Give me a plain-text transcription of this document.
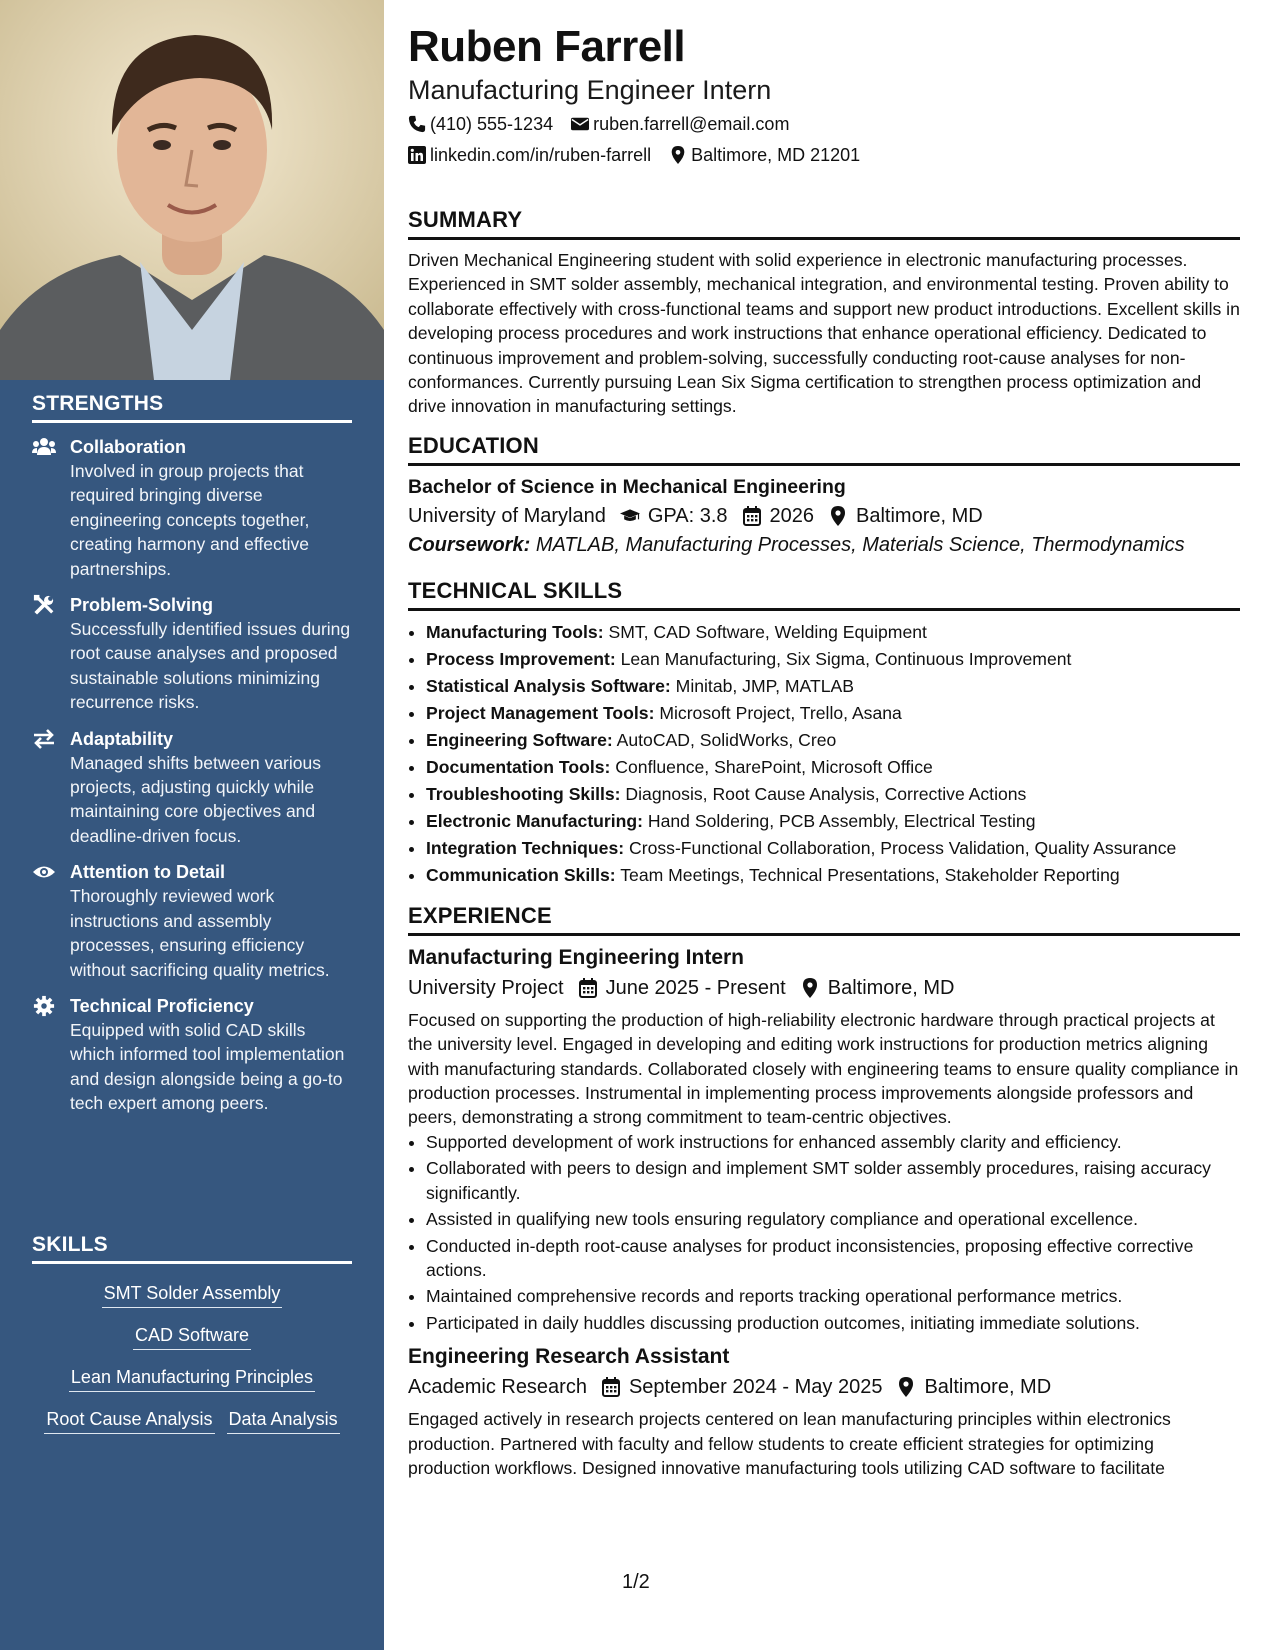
STRENGTHS
Collaboration
Involved in group projects that required bringing diverse engineering concepts together, creating harmony and effective partnerships.
Problem-Solving
Successfully identified issues during root cause analyses and proposed sustainable solutions minimizing recurrence risks.
Adaptability
Managed shifts between various projects, adjusting quickly while maintaining core objectives and deadline-driven focus.
Attention to Detail
Thoroughly reviewed work instructions and assembly processes, ensuring efficiency without sacrificing quality metrics.
Technical Proficiency
Equipped with solid CAD skills which informed tool implementation and design alongside being a go-to tech expert among peers.
SKILLS
SMT Solder Assembly
CAD Software
Lean Manufacturing Principles
Root Cause Analysis Data Analysis
Ruben Farrell
Manufacturing Engineer Intern
(410) 555-1234 ruben.farrell@email.com
linkedin.com/in/ruben-farrell Baltimore, MD 21201
SUMMARY

Driven Mechanical Engineering student with solid experience in electronic manufacturing processes. Experienced in SMT solder assembly, mechanical integration, and environmental testing. Proven ability to collaborate effectively with cross-functional teams and support new product introductions. Excellent skills in developing process procedures and work instructions that enhance operational efficiency. Dedicated to continuous improvement and problem-solving, successfully conducting root-cause analyses for non-conformances. Currently pursuing Lean Six Sigma certification to strengthen process optimization and drive innovation in manufacturing settings.

EDUCATION
Bachelor of Science in Mechanical Engineering
University of Maryland GPA: 3.8 2026 Baltimore, MD
Coursework: MATLAB, Manufacturing Processes, Materials Science, Thermodynamics
TECHNICAL SKILLS
• Manufacturing Tools: SMT, CAD Software, Welding Equipment
• Process Improvement: Lean Manufacturing, Six Sigma, Continuous Improvement
• Statistical Analysis Software: Minitab, JMP, MATLAB
• Project Management Tools: Microsoft Project, Trello, Asana
• Engineering Software: AutoCAD, SolidWorks, Creo
• Documentation Tools: Confluence, SharePoint, Microsoft Office
• Troubleshooting Skills: Diagnosis, Root Cause Analysis, Corrective Actions
• Electronic Manufacturing: Hand Soldering, PCB Assembly, Electrical Testing
• Integration Techniques: Cross-Functional Collaboration, Process Validation, Quality Assurance
• Communication Skills: Team Meetings, Technical Presentations, Stakeholder Reporting
EXPERIENCE
Manufacturing Engineering Intern
University Project June 2025 - Present Baltimore, MD

Focused on supporting the production of high-reliability electronic hardware through practical projects at the university level. Engaged in developing and editing work instructions for production metrics aligning with manufacturing standards. Collaborated closely with engineering teams to ensure quality compliance in production processes. Instrumental in implementing process improvements alongside professors and peers, demonstrating a strong commitment to team-centric objectives.

• Supported development of work instructions for enhanced assembly clarity and efficiency.
• Collaborated with peers to design and implement SMT solder assembly procedures, raising accuracy significantly.
• Assisted in qualifying new tools ensuring regulatory compliance and operational excellence.
• Conducted in-depth root-cause analyses for product inconsistencies, proposing effective corrective actions.
• Maintained comprehensive records and reports tracking operational performance metrics.
• Participated in daily huddles discussing production outcomes, initiating immediate solutions.
Engineering Research Assistant
Academic Research September 2024 - May 2025 Baltimore, MD

Engaged actively in research projects centered on lean manufacturing principles within electronics production. Partnered with faculty and fellow students to create efficient strategies for optimizing production workflows. Designed innovative manufacturing tools utilizing CAD software to facilitate

1/2
